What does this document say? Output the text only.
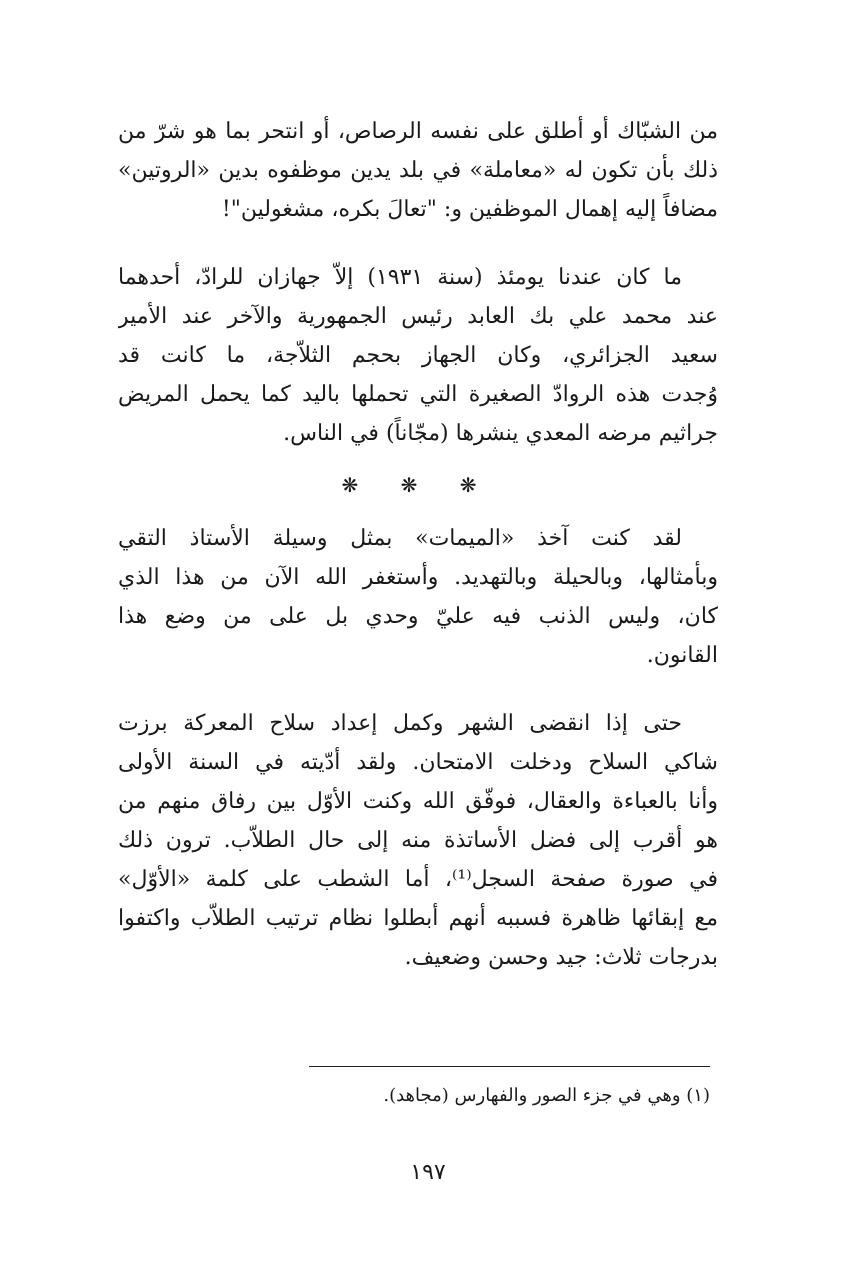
من الشبّاك أو أطلق على نفسه الرصاص، أو انتحر بما هو شرّ من
ذلك بأن تكون له «معاملة» في بلد يدين موظفوه بدين «الروتين»
مضافاً إليه إهمال الموظفين و: "تعالَ بكره، مشغولين"!
ما كان عندنا يومئذ (سنة ١٩٣١) إلاّ جهازان للرادّ، أحدهما
عند محمد علي بك العابد رئيس الجمهورية والآخر عند الأمير
سعيد الجزائري، وكان الجهاز بحجم الثلاّجة، ما كانت قد
وُجدت هذه الروادّ الصغيرة التي تحملها باليد كما يحمل المريض
جراثيم مرضه المعدي ينشرها (مجّاناً) في الناس.
❋ ❋ ❋
لقد كنت آخذ «الميمات» بمثل وسيلة الأستاذ التقي
وبأمثالها، وبالحيلة وبالتهديد. وأستغفر الله الآن من هذا الذي
كان، وليس الذنب فيه عليّ وحدي بل على من وضع هذا
القانون.
حتى إذا انقضى الشهر وكمل إعداد سلاح المعركة برزت
شاكي السلاح ودخلت الامتحان. ولقد أدّيته في السنة الأولى
وأنا بالعباءة والعقال، فوفّق الله وكنت الأوّل بين رفاق منهم من
هو أقرب إلى فضل الأساتذة منه إلى حال الطلاّب. ترون ذلك
في صورة صفحة السجل⁽¹⁾، أما الشطب على كلمة «الأوّل»
مع إبقائها ظاهرة فسببه أنهم أبطلوا نظام ترتيب الطلاّب واكتفوا
بدرجات ثلاث: جيد وحسن وضعيف.
(١) وهي في جزء الصور والفهارس (مجاهد).
١٩٧
